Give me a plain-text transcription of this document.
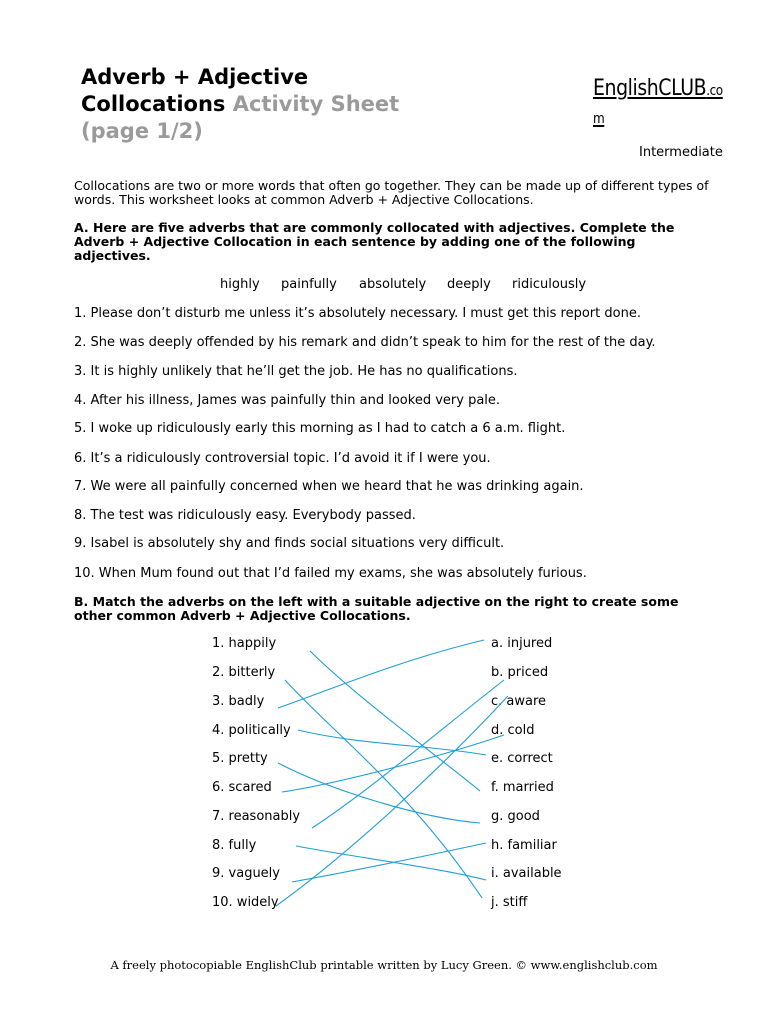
Adverb + Adjective
Collocations Activity Sheet
(page 1/2)
EnglishCLUB.co
m
Intermediate
Collocations are two or more words that often go together. They can be made up of different types of words. This worksheet looks at common Adverb + Adjective Collocations.
A. Here are five adverbs that are commonly collocated with adjectives. Complete the Adverb + Adjective Collocation in each sentence by adding one of the following adjectives.
highly painfully absolutely deeply ridiculously
1. Please don’t disturb me unless it’s absolutely necessary. I must get this report done.
2. She was deeply offended by his remark and didn’t speak to him for the rest of the day.
3. It is highly unlikely that he’ll get the job. He has no qualifications.
4. After his illness, James was painfully thin and looked very pale.
5. I woke up ridiculously early this morning as I had to catch a 6 a.m. flight.
6. It’s a ridiculously controversial topic. I’d avoid it if I were you.
7. We were all painfully concerned when we heard that he was drinking again.
8. The test was ridiculously easy. Everybody passed.
9. Isabel is absolutely shy and finds social situations very difficult.
10. When Mum found out that I’d failed my exams, she was absolutely furious.
B. Match the adverbs on the left with a suitable adjective on the right to create some other common Adverb + Adjective Collocations.
1. happily
2. bitterly
3. badly
4. politically
5. pretty
6. scared
7. reasonably
8. fully
9. vaguely
10. widely
a. injured
b. priced
c. aware
d. cold
e. correct
f. married
g. good
h. familiar
i. available
j. stiff
A freely photocopiable EnglishClub printable written by Lucy Green. © www.englishclub.com
